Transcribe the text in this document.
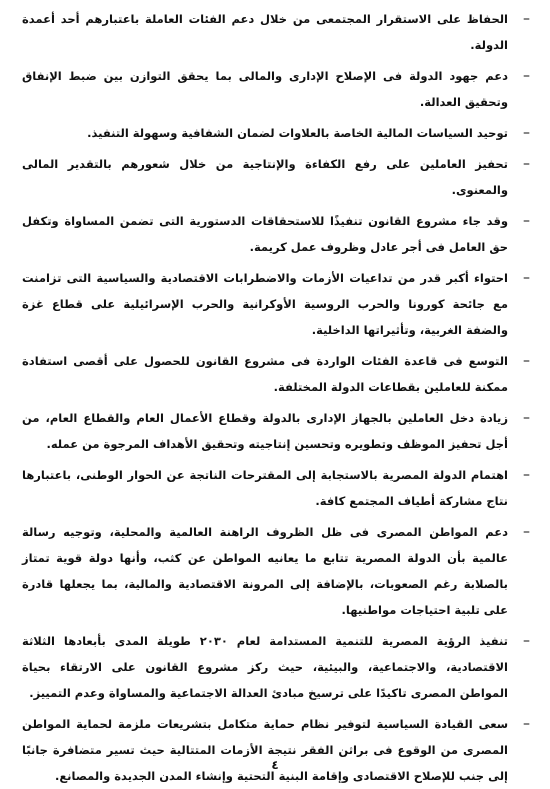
–
الحفاظ على الاستقرار المجتمعى من خلال دعم الفئات العاملة باعتبارهم أحد أعمدة الدولة.
–
دعم جهود الدولة فى الإصلاح الإدارى والمالى بما يحقق التوازن بين ضبط الإنفاق وتحقيق العدالة.
–
توحيد السياسات المالية الخاصة بالعلاوات لضمان الشفافية وسهولة التنفيذ.
–
تحفيز العاملين على رفع الكفاءة والإنتاجية من خلال شعورهم بالتقدير المالى والمعنوى.
–
وقد جاء مشروع القانون تنفيذًا للاستحقاقات الدستورية التى تضمن المساواة وتكفل حق العامل فى أجر عادل وظروف عمل كريمة.
–
احتواء أكبر قدر من تداعيات الأزمات والاضطرابات الاقتصادية والسياسية التى تزامنت مع جائحة كورونا والحرب الروسية الأوكرانية والحرب الإسرائيلية على قطاع غزة والضفة الغربية، وتأثيراتها الداخلية.
–
التوسع فى قاعدة الفئات الواردة فى مشروع القانون للحصول على أقصى استفادة ممكنة للعاملين بقطاعات الدولة المختلفة.
–
زيادة دخل العاملين بالجهاز الإدارى بالدولة وقطاع الأعمال العام والقطاع العام، من أجل تحفيز الموظف وتطويره وتحسين إنتاجيته وتحقيق الأهداف المرجوة من عمله.
–
اهتمام الدولة المصرية بالاستجابة إلى المقترحات الناتجة عن الحوار الوطنى، باعتبارها نتاج مشاركة أطياف المجتمع كافة.
–
دعم المواطن المصرى فى ظل الظروف الراهنة العالمية والمحلية، وتوجيه رسالة عالمية بأن الدولة المصرية تتابع ما يعانيه المواطن عن كثب، وأنها دولة قوية تمتاز بالصلابة رغم الصعوبات، بالإضافة إلى المرونة الاقتصادية والمالية، بما يجعلها قادرة على تلبية احتياجات مواطنيها.
–
تنفيذ الرؤية المصرية للتنمية المستدامة لعام ٢٠٣٠ طويلة المدى بأبعادها الثلاثة الاقتصادية، والاجتماعية، والبيئية، حيث ركز مشروع القانون على الارتقاء بحياة المواطن المصرى تاكيدًا على ترسيخ مبادئ العدالة الاجتماعية والمساواة وعدم التمييز.
–
سعى القيادة السياسية لتوفير نظام حماية متكامل بتشريعات ملزمة لحماية المواطن المصرى من الوقوع فى براثن الفقر نتيجة الأزمات المتتالية حيث تسير متضافرة جانبًا إلى جنب للإصلاح الاقتصادى وإقامة البنية التحتية وإنشاء المدن الجديدة والمصانع.
٤
